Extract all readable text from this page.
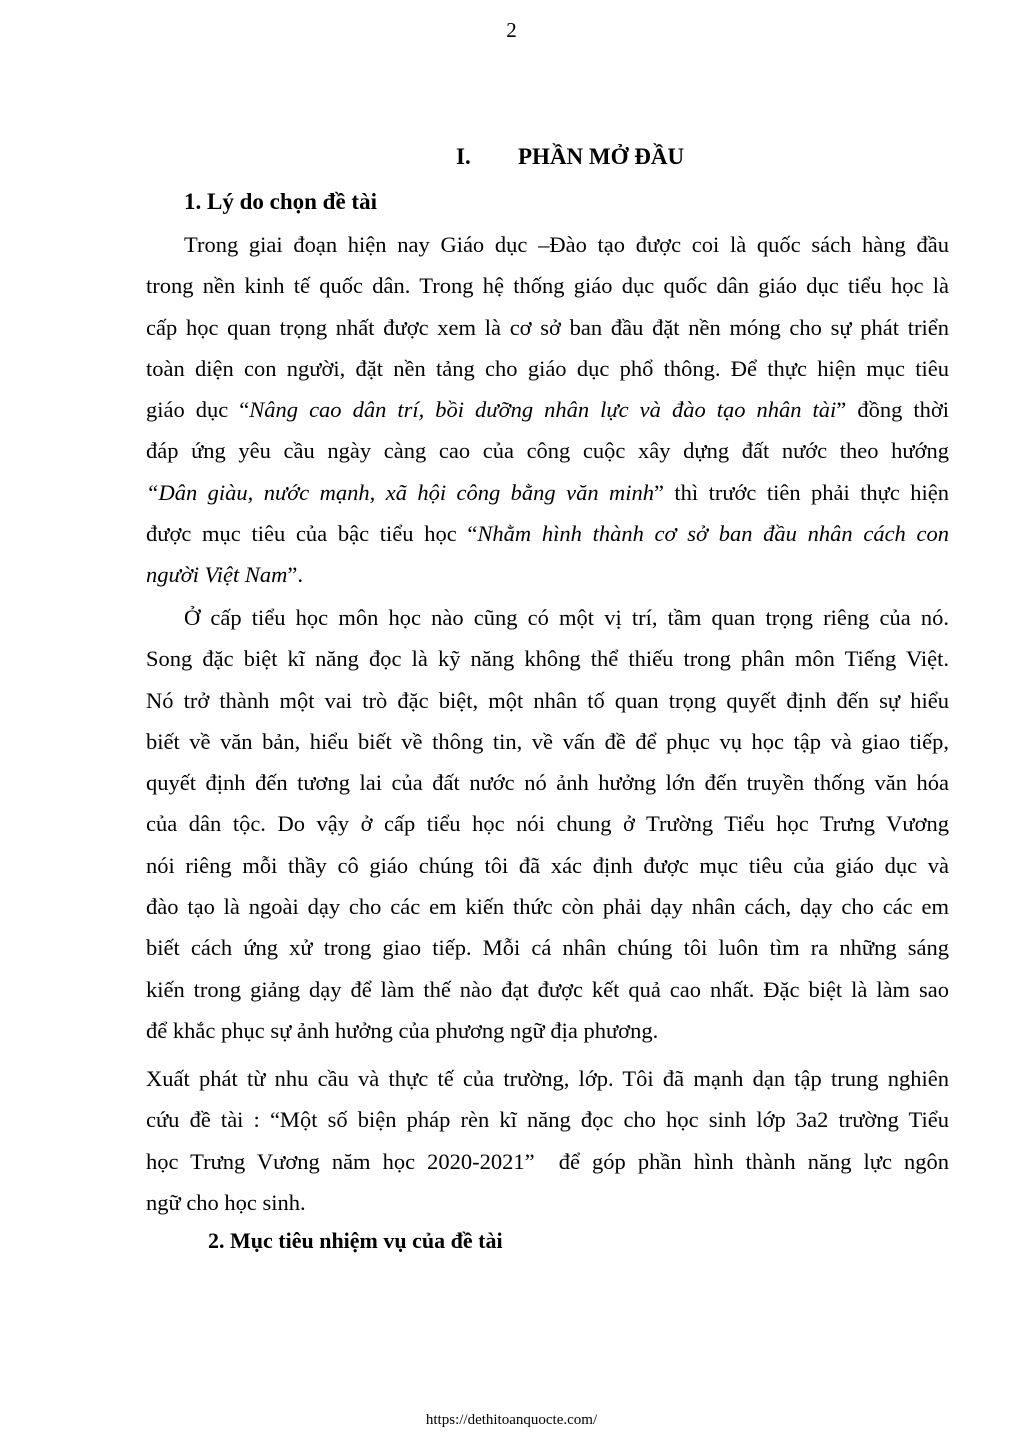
2
I. PHẦN MỞ ĐẦU
1. Lý do chọn đề tài
Trong giai đoạn hiện nay Giáo dục –Đào tạo được coi là quốc sách hàng đầu
trong nền kinh tế quốc dân. Trong hệ thống giáo dục quốc dân giáo dục tiểu học là
cấp học quan trọng nhất được xem là cơ sở ban đầu đặt nền móng cho sự phát triển
toàn diện con người, đặt nền tảng cho giáo dục phổ thông. Để thực hiện mục tiêu
giáo dục “Nâng cao dân trí, bồi dưỡng nhân lực và đào tạo nhân tài” đồng thời
đáp ứng yêu cầu ngày càng cao của công cuộc xây dựng đất nước theo hướng
“Dân giàu, nước mạnh, xã hội công bằng văn minh” thì trước tiên phải thực hiện
được mục tiêu của bậc tiểu học “Nhằm hình thành cơ sở ban đầu nhân cách con
người Việt Nam”.
Ở cấp tiểu học môn học nào cũng có một vị trí, tầm quan trọng riêng của nó.
Song đặc biệt kĩ năng đọc là kỹ năng không thể thiếu trong phân môn Tiếng Việt.
Nó trở thành một vai trò đặc biệt, một nhân tố quan trọng quyết định đến sự hiểu
biết về văn bản, hiểu biết về thông tin, về vấn đề để phục vụ học tập và giao tiếp,
quyết định đến tương lai của đất nước nó ảnh hưởng lớn đến truyền thống văn hóa
của dân tộc. Do vậy ở cấp tiểu học nói chung ở Trường Tiểu học Trưng Vương
nói riêng mỗi thầy cô giáo chúng tôi đã xác định được mục tiêu của giáo dục và
đào tạo là ngoài dạy cho các em kiến thức còn phải dạy nhân cách, dạy cho các em
biết cách ứng xử trong giao tiếp. Mỗi cá nhân chúng tôi luôn tìm ra những sáng
kiến trong giảng dạy để làm thế nào đạt được kết quả cao nhất. Đặc biệt là làm sao
để khắc phục sự ảnh hưởng của phương ngữ địa phương.
Xuất phát từ nhu cầu và thực tế của trường, lớp. Tôi đã mạnh dạn tập trung nghiên
cứu đề tài : “Một số biện pháp rèn kĩ năng đọc cho học sinh lớp 3a2 trường Tiểu
học Trưng Vương năm học 2020-2021”  để góp phần hình thành năng lực ngôn
ngữ cho học sinh.
2. Mục tiêu nhiệm vụ của đề tài
https://dethitoanquocte.com/
